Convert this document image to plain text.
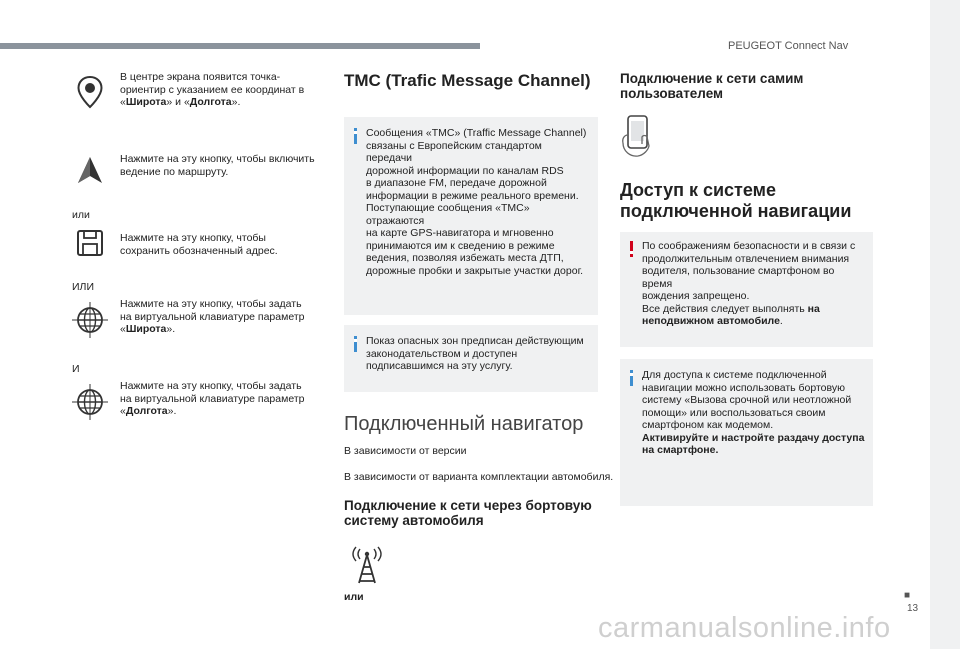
PEUGEOT Connect Nav
В центре экрана появится точка-
ориентир с указанием ее координат в
«Широта» и «Долгота».
Нажмите на эту кнопку, чтобы включить
ведение по маршруту.
или
Нажмите на эту кнопку, чтобы
сохранить обозначенный адрес.
ИЛИ
Нажмите на эту кнопку, чтобы задать
на виртуальной клавиатуре параметр
«Широта».
И
Нажмите на эту кнопку, чтобы задать
на виртуальной клавиатуре параметр
«Долгота».
TMC (Trafic Message Channel)

Сообщения «TMC» (Traffic Message Channel)

связаны с Европейским стандартом передачи

дорожной информации по каналам RDS

в диапазоне FM, передаче дорожной

информации в режиме реального времени.

Поступающие сообщения «TMC» отражаются

на карте GPS-навигатора и мгновенно

принимаются им к сведению в режиме

ведения, позволяя избежать места ДТП,

дорожные пробки и закрытые участки дорог.

Показ опасных зон предписан действующим

законодательством и доступен

подписавшимся на эту услугу.

Подключенный навигатор
В зависимости от версии
В зависимости от варианта комплектации автомобиля.
Подключение к сети через бортовую
систему автомобиля
или
Подключение к сети самим
пользователем
Доступ к системе
подключенной навигации

По соображениям безопасности и в связи с

продолжительным отвлечением внимания

водителя, пользование смартфоном во время

вождения запрещено.

Все действия следует выполнять на

неподвижном автомобиле.

Для доступа к системе подключенной

навигации можно использовать бортовую

систему «Вызова срочной или неотложной

помощи» или воспользоваться своим

смартфоном как модемом.

Активируйте и настройте раздачу доступа

на смартфоне.

■
13
carmanualsonline.info
